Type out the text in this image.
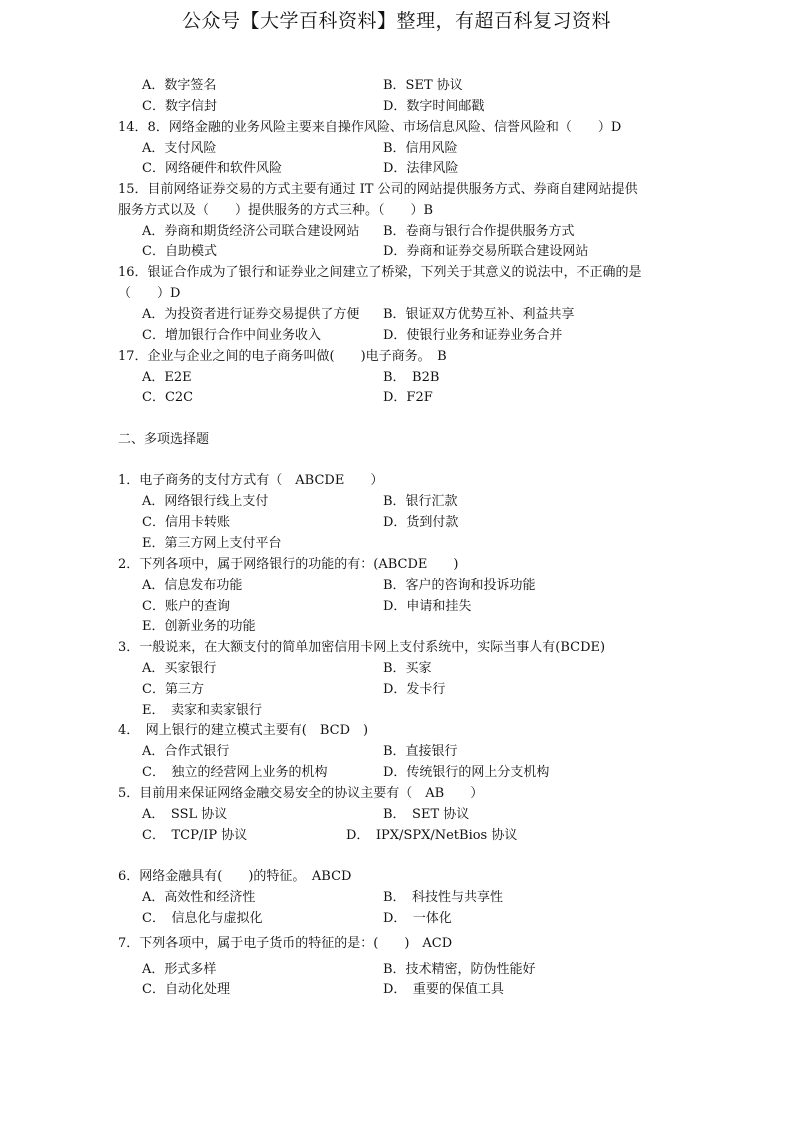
公众号【大学百科资料】整理，有超百科复习资料
A．数字签名	B．SET 协议
C．数字信封	D．数字时间邮戳
14．8．网络金融的业务风险主要来自操作风险、市场信息风险、信誉风险和（　　）D
A．支付风险	B．信用风险
C．网络硬件和软件风险	D．法律风险
15．目前网络证券交易的方式主要有通过 IT 公司的网站提供服务方式、券商自建网站提供
服务方式以及（　　）提供服务的方式三种。（　　）B
A．券商和期货经济公司联合建设网站 B．卷商与银行合作提供服务方式
C．自助模式	D．券商和证券交易所联合建设网站
16．银证合作成为了银行和证券业之间建立了桥梁，下列关于其意义的说法中，不正确的是
（　　）D
A．为投资者进行证券交易提供了方便 B．银证双方优势互补、利益共享
C．增加银行合作中间业务收入	D．使银行业务和证券业务合并
17．企业与企业之间的电子商务叫做(　　)电子商务。　B
A．E2E	B．　B2B
C．C2C	D．F2F
二、多项选择题
1．电子商务的支付方式有（　ABCDE　　）
A．网络银行线上支付	B．银行汇款
C．信用卡转账	D．货到付款
E．第三方网上支付平台
2．下列各项中，属于网络银行的功能的有：(ABCDE　　)
A．信息发布功能	B．客户的咨询和投诉功能
C．账户的查询	D．申请和挂失
E．创新业务的功能
3．一般说来，在大额支付的简单加密信用卡网上支付系统中，实际当事人有(BCDE)
A．买家银行	B．买家
C．第三方	D．发卡行
E．　卖家和卖家银行
4．　网上银行的建立模式主要有(　BCD　)
A．合作式银行	B．直接银行
C．　独立的经营网上业务的机构	D．传统银行的网上分支机构
5．目前用来保证网络金融交易安全的协议主要有（　AB　　）
A．　SSL 协议	B．　SET 协议
C．　TCP/IP 协议	D．　IPX/SPX/NetBios 协议
6．网络金融具有(　　)的特征。　ABCD
A．高效性和经济性	B．　科技性与共享性
C．　信息化与虚拟化	D．　一体化
7．下列各项中，属于电子货币的特征的是：(　　)　ACD
A．形式多样	B．技术精密，防伪性能好
C．自动化处理	D．　重要的保值工具
